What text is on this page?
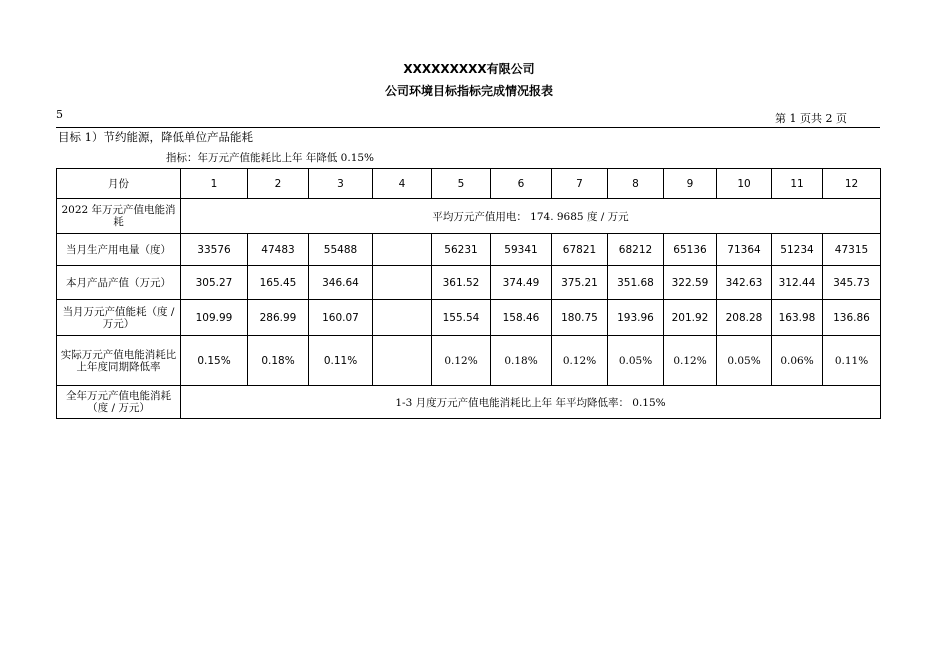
XXXXXXXXX有限公司
公司环境目标指标完成情况报表
5	第 1 页共 2 页
目标 1）节约能源，降低单位产品能耗
指标：年万元产值能耗比上年 年降低 0.15%
月份	1	2	3	4	5	6	7	8	9	10	11	12
2022 年万元产值电能消耗	平均万元产值用电： 174. 9685 度 / 万元											
当月生产用电量（度）	33576	47483	55488		56231	59341	67821	68212	65136	71364	51234	47315
本月产品产值（万元）	305.27	165.45	346.64		361.52	374.49	375.21	351.68	322.59	342.63	312.44	345.73
当月万元产值能耗（度 / 万元）	109.99	286.99	160.07		155.54	158.46	180.75	193.96	201.92	208.28	163.98	136.86
实际万元产值电能消耗比上年度同期降低率	0.15%	0.18%	0.11%		0.12%	0.18%	0.12%	0.05%	0.12%	0.05%	0.06%	0.11%
全年万元产值电能消耗（度 / 万元）	1-3 月度万元产值电能消耗比上年 年平均降低率： 0.15%											
